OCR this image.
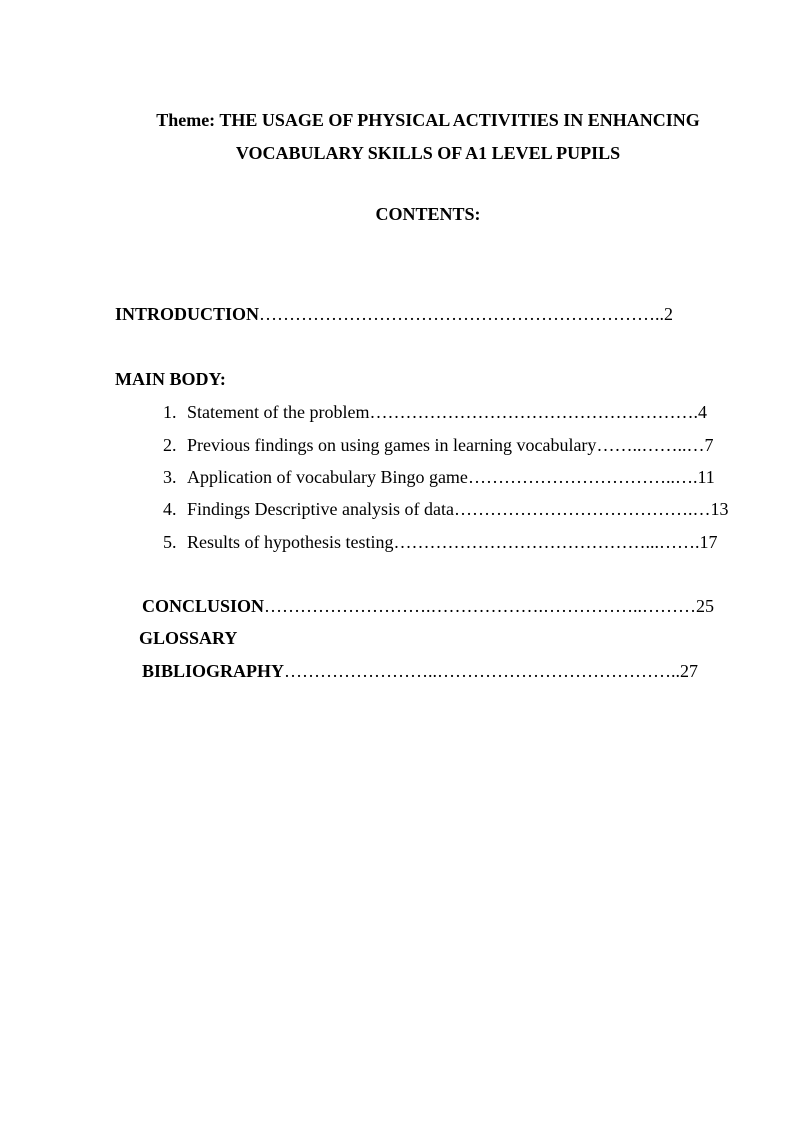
Theme: THE USAGE OF PHYSICAL ACTIVITIES IN ENHANCING
VOCABULARY SKILLS OF A1 LEVEL PUPILS
CONTENTS:
INTRODUCTION…………………………………………………………..2
MAIN BODY:
1. Statement of the problem……………………………………………….4
2. Previous findings on using games in learning vocabulary……..……..…7
3. Application of vocabulary Bingo game……………………………..….11
4. Findings Descriptive analysis of data………………………………….…13
5. Results of hypothesis testing……………………………………...…….17
CONCLUSION……………………….……………….……………..………25
GLOSSARY
BIBLIOGRAPHY……………………..…………………………………..27
